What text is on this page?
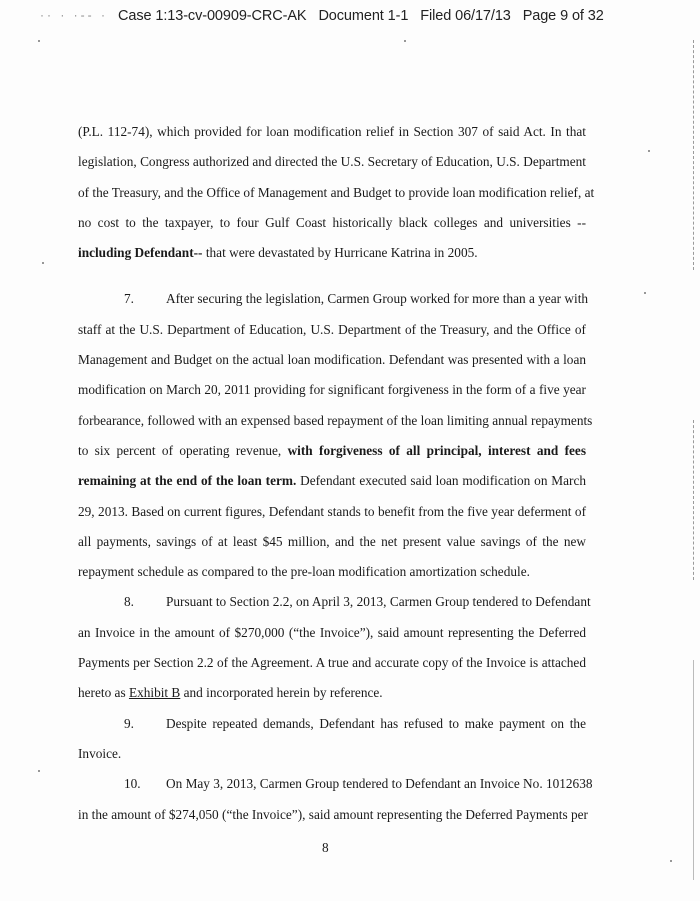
·· · ·-- · Case 1:13-cv-00909-CRC-AK Document 1-1 Filed 06/17/13 Page 9 of 32
(P.L. 112-74), which provided for loan modification relief in Section 307 of said Act. In that
legislation, Congress authorized and directed the U.S. Secretary of Education, U.S. Department
of the Treasury, and the Office of Management and Budget to provide loan modification relief, at
no cost to the taxpayer, to four Gulf Coast historically black colleges and universities --
including Defendant-- that were devastated by Hurricane Katrina in 2005.
7. After securing the legislation, Carmen Group worked for more than a year with
staff at the U.S. Department of Education, U.S. Department of the Treasury, and the Office of
Management and Budget on the actual loan modification. Defendant was presented with a loan
modification on March 20, 2011 providing for significant forgiveness in the form of a five year
forbearance, followed with an expensed based repayment of the loan limiting annual repayments
to six percent of operating revenue, with forgiveness of all principal, interest and fees
remaining at the end of the loan term. Defendant executed said loan modification on March
29, 2013. Based on current figures, Defendant stands to benefit from the five year deferment of
all payments, savings of at least $45 million, and the net present value savings of the new
repayment schedule as compared to the pre-loan modification amortization schedule.
8. Pursuant to Section 2.2, on April 3, 2013, Carmen Group tendered to Defendant
an Invoice in the amount of $270,000 (“the Invoice”), said amount representing the Deferred
Payments per Section 2.2 of the Agreement. A true and accurate copy of the Invoice is attached
hereto as Exhibit B and incorporated herein by reference.
9. Despite repeated demands, Defendant has refused to make payment on the
Invoice.
10. On May 3, 2013, Carmen Group tendered to Defendant an Invoice No. 1012638
in the amount of $274,050 (“the Invoice”), said amount representing the Deferred Payments per
8
